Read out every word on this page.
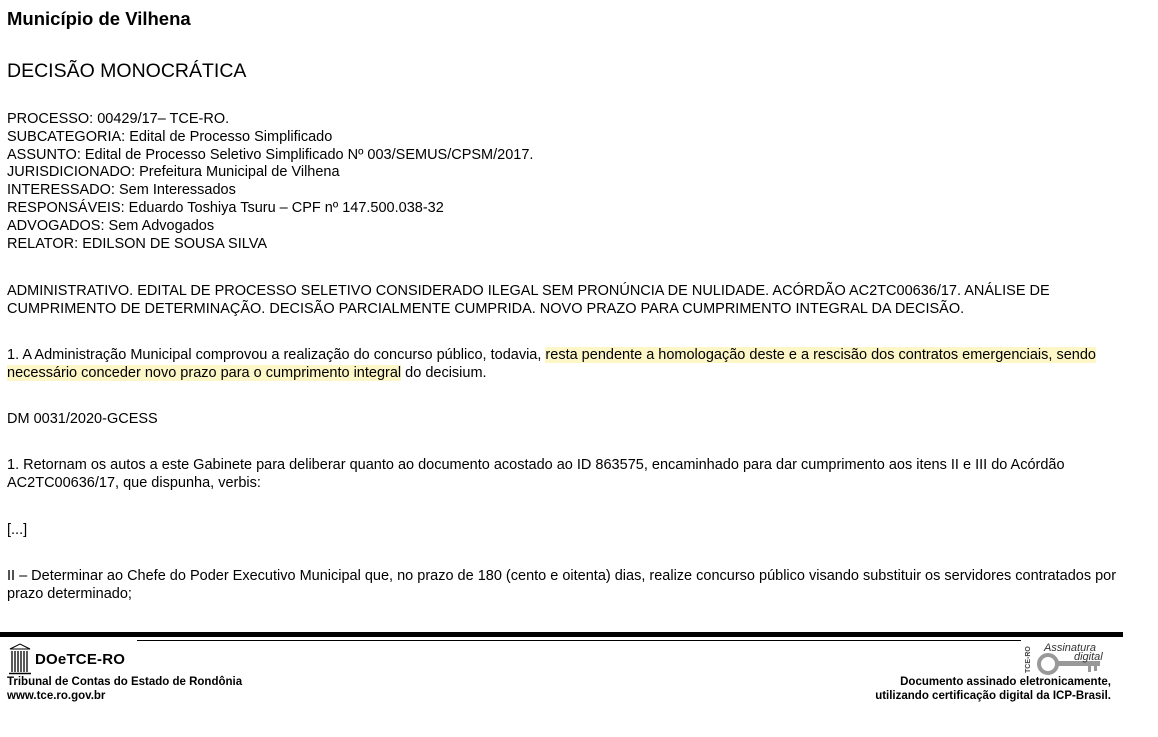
Município de Vilhena
DECISÃO MONOCRÁTICA
PROCESSO: 00429/17– TCE-RO.
SUBCATEGORIA: Edital de Processo Simplificado
ASSUNTO: Edital de Processo Seletivo Simplificado Nº 003/SEMUS/CPSM/2017.
JURISDICIONADO: Prefeitura Municipal de Vilhena
INTERESSADO: Sem Interessados
RESPONSÁVEIS: Eduardo Toshiya Tsuru – CPF nº 147.500.038-32
ADVOGADOS: Sem Advogados
RELATOR: EDILSON DE SOUSA SILVA

ADMINISTRATIVO. EDITAL DE PROCESSO SELETIVO CONSIDERADO ILEGAL SEM PRONÚNCIA DE NULIDADE. ACÓRDÃO AC2TC00636/17. ANÁLISE DE CUMPRIMENTO DE DETERMINAÇÃO. DECISÃO PARCIALMENTE CUMPRIDA. NOVO PRAZO PARA CUMPRIMENTO INTEGRAL DA DECISÃO.

1. A Administração Municipal comprovou a realização do concurso público, todavia, resta pendente a homologação deste e a rescisão dos contratos emergenciais, sendo necessário conceder novo prazo para o cumprimento integral do decisium.

DM 0031/2020-GCESS

1. Retornam os autos a este Gabinete para deliberar quanto ao documento acostado ao ID 863575, encaminhado para dar cumprimento aos itens II e III do Acórdão AC2TC00636/17, que dispunha, verbis:

[...]

II – Determinar ao Chefe do Poder Executivo Municipal que, no prazo de 180 (cento e oitenta) dias, realize concurso público visando substituir os servidores contratados por prazo determinado;

DOeTCE-RO
Tribunal de Contas do Estado de Rondônia
www.tce.ro.gov.br
TCE-RO Assinatura
digital
Documento assinado eletronicamente,
utilizando certificação digital da ICP-Brasil.
